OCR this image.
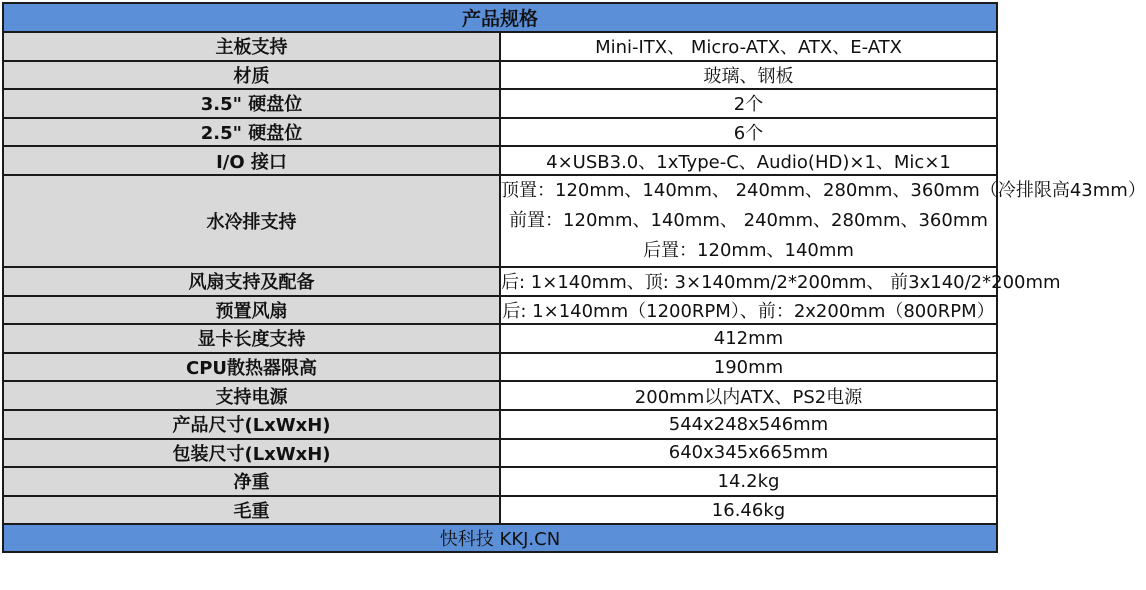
产品规格	
主板支持	Mini-ITX、 Micro-ATX、ATX、E-ATX
材质	玻璃、钢板
3.5" 硬盘位	2个
2.5" 硬盘位	6个
I/O 接口	4×USB3.0、1xType-C、Audio(HD)×1、Mic×1
水冷排支持	顶置：120mm、140mm、 240mm、280mm、360mm（冷排限高43mm）
前置：120mm、140mm、 240mm、280mm、360mm
后置：120mm、140mm

风扇支持及配备	后: 1×140mm、顶: 3×140mm/2*200mm、 前3x140/2*200mm
预置风扇	后: 1×140mm（1200RPM）、前：2x200mm（800RPM）
显卡长度支持	412mm
CPU散热器限高	190mm
支持电源	200mm以内ATX、PS2电源
产品尺寸(LxWxH)	544x248x546mm
包装尺寸(LxWxH)	640x345x665mm
净重	14.2kg
毛重	16.46kg
快科技 KKJ.CN	
